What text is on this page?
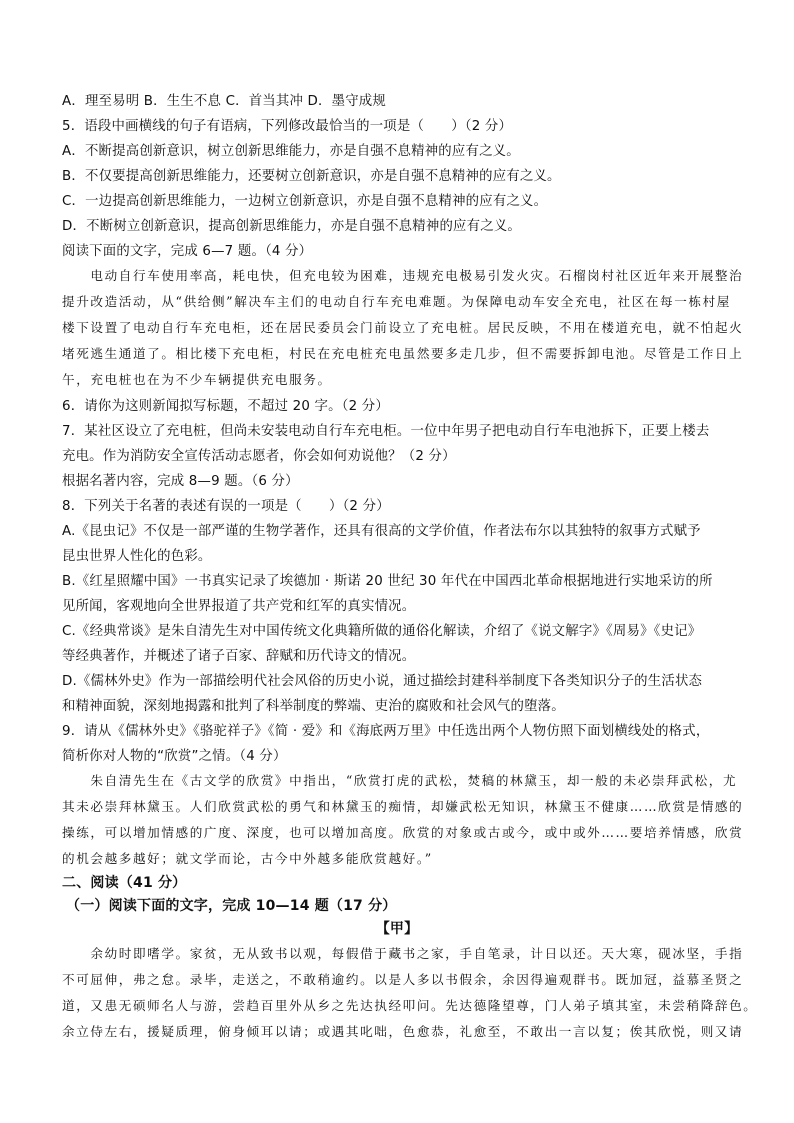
A．理至易明 B．生生不息 C．首当其冲 D．墨守成规
5．语段中画横线的句子有语病，下列修改最恰当的一项是（　　）（2 分）
A．不断提高创新意识，树立创新思维能力，亦是自强不息精神的应有之义。
B．不仅要提高创新思维能力，还要树立创新意识，亦是自强不息精神的应有之义。
C．一边提高创新思维能力，一边树立创新意识，亦是自强不息精神的应有之义。
D．不断树立创新意识，提高创新思维能力，亦是自强不息精神的应有之义。
阅读下面的文字，完成 6—7 题。（4 分）
　　电动自行车使用率高，耗电快，但充电较为困难，违规充电极易引发火灾。石榴岗村社区近年来开展整治
提升改造活动，从“供给侧”解决车主们的电动自行车充电难题。为保障电动车安全充电，社区在每一栋村屋
楼下设置了电动自行车充电柜，还在居民委员会门前设立了充电桩。居民反映，不用在楼道充电，就不怕起火
堵死逃生通道了。相比楼下充电柜，村民在充电桩充电虽然要多走几步，但不需要拆卸电池。尽管是工作日上
午，充电桩也在为不少车辆提供充电服务。
6．请你为这则新闻拟写标题，不超过 20 字。（2 分）
7．某社区设立了充电桩，但尚未安装电动自行车充电柜。一位中年男子把电动自行车电池拆下，正要上楼去
充电。作为消防安全宣传活动志愿者，你会如何劝说他？（2 分）
根据名著内容，完成 8—9 题。（6 分）
8．下列关于名著的表述有误的一项是（　　）（2 分）
A.《昆虫记》不仅是一部严谨的生物学著作，还具有很高的文学价值，作者法布尔以其独特的叙事方式赋予
昆虫世界人性化的色彩。
B.《红星照耀中国》一书真实记录了埃德加 · 斯诺 20 世纪 30 年代在中国西北革命根据地进行实地采访的所
见所闻，客观地向全世界报道了共产党和红军的真实情况。
C.《经典常谈》是朱自清先生对中国传统文化典籍所做的通俗化解读，介绍了《说文解字》《周易》《史记》
等经典著作，并概述了诸子百家、辞赋和历代诗文的情况。
D.《儒林外史》作为一部描绘明代社会风俗的历史小说，通过描绘封建科举制度下各类知识分子的生活状态
和精神面貌，深刻地揭露和批判了科举制度的弊端、吏治的腐败和社会风气的堕落。
9．请从《儒林外史》《骆驼祥子》《简 · 爱》和《海底两万里》中任选出两个人物仿照下面划横线处的格式，
简析你对人物的“欣赏”之情。（4 分）
　　朱自清先生在《古文学的欣赏》中指出，“欣赏打虎的武松，焚稿的林黛玉，却一般的未必崇拜武松，尤
其未必崇拜林黛玉。人们欣赏武松的勇气和林黛玉的痴情，却嫌武松无知识，林黛玉不健康……欣赏是情感的
操练，可以增加情感的广度、深度，也可以增加高度。欣赏的对象或古或今，或中或外……要培养情感，欣赏
的机会越多越好；就文学而论，古今中外越多能欣赏越好。”
二、阅读（41 分）
（一）阅读下面的文字，完成 10—14 题（17 分）
【甲】
　　余幼时即嗜学。家贫，无从致书以观，每假借于藏书之家，手自笔录，计日以还。天大寒，砚冰坚，手指
不可屈伸，弗之怠。录毕，走送之，不敢稍逾约。以是人多以书假余，余因得遍观群书。既加冠，益慕圣贤之
道，又患无硕师名人与游，尝趋百里外从乡之先达执经叩问。先达德隆望尊，门人弟子填其室，未尝稍降辞色。
余立侍左右，援疑质理，俯身倾耳以请；或遇其叱咄，色愈恭，礼愈至，不敢出一言以复；俟其欣悦，则又请
